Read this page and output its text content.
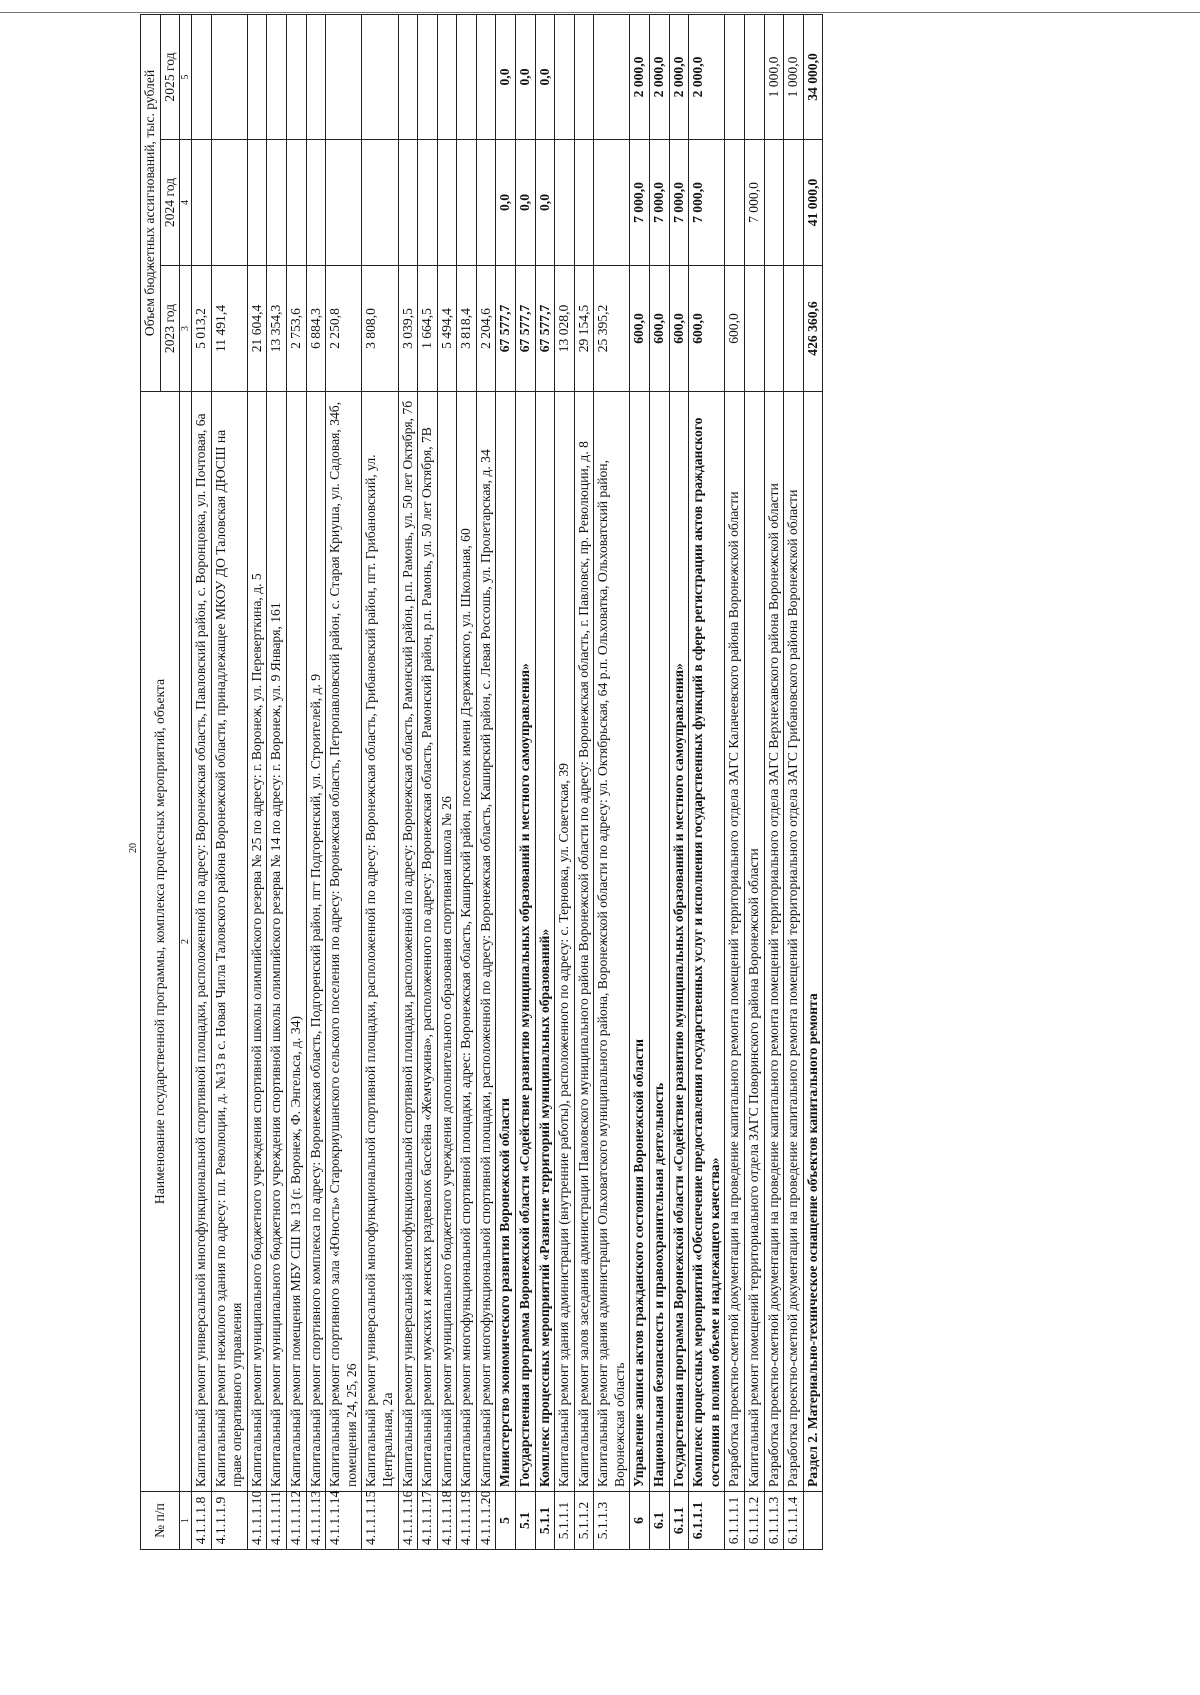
20
№ п/п	Наименование государственной программы, комплекса процессных мероприятий, объекта	Объем бюджетных ассигнований, тыс. рублей		
		2023 год	2024 год	2025 год
1	2	3	4	5
4.1.1.1.8	Капитальный ремонт универсальной многофункциональной спортивной площадки, расположенной по адресу: Воронежская область, Павловский район, с. Воронцовка, ул. Почтовая, 6а	5 013,2		
4.1.1.1.9	Капитальный ремонт нежилого здания по адресу: пл. Революции, д. №13 в с. Новая Чигла Таловского района Воронежской области, принадлежащее МКОУ ДО Таловская ДЮСШ на праве оперативного управления	11 491,4		
4.1.1.1.10	Капитальный ремонт муниципального бюджетного учреждения спортивной школы олимпийского резерва № 25 по адресу: г. Воронеж, ул. Переверткина, д. 5	21 604,4		
4.1.1.1.11	Капитальный ремонт муниципального бюджетного учреждения спортивной школы олимпийского резерва № 14 по адресу: г. Воронеж, ул. 9 Января, 161	13 354,3		
4.1.1.1.12	Капитальный ремонт помещения МБУ СШ № 13 (г. Воронеж, Ф. Энгельса, д. 34)	2 753,6		
4.1.1.1.13	Капитальный ремонт спортивного комплекса по адресу: Воронежская область, Подгоренский район, пгт Подгоренский, ул. Строителей, д. 9	6 884,3		
4.1.1.1.14	Капитальный ремонт спортивного зала «Юность» Старокриушанского сельского поселения по адресу: Воронежская область, Петропавловский район, с. Старая Криуша, ул. Садовая, 34б, помещения 24, 25, 26	2 250,8		
4.1.1.1.15	Капитальный ремонт универсальной многофункциональной спортивной площадки, расположенной по адресу: Воронежская область, Грибановский район, пгт. Грибановский, ул. Центральная, 2а	3 808,0		
4.1.1.1.16	Капитальный ремонт универсальной многофункциональной спортивной площадки, расположенной по адресу: Воронежская область, Рамонский район, р.п. Рамонь, ул. 50 лет Октября, 7б	3 039,5		
4.1.1.1.17	Капитальный ремонт мужских и женских раздевалок бассейна «Жемчужина», расположенного по адресу: Воронежская область, Рамонский район, р.п. Рамонь, ул. 50 лет Октября, 7В	1 664,5		
4.1.1.1.18	Капитальный ремонт муниципального бюджетного учреждения дополнительного образования спортивная школа № 26	5 494,4		
4.1.1.1.19	Капитальный ремонт многофункциональной спортивной площадки, адрес: Воронежская область, Каширский район, поселок имени Дзержинского, ул. Школьная, 60	3 818,4		
4.1.1.1.20	Капитальный ремонт многофункциональной спортивной площадки, расположенной по адресу: Воронежская область, Каширский район, с. Левая Россошь, ул. Пролетарская, д. 34	2 204,6		
5	Министерство экономического развития Воронежской области	67 577,7	0,0	0,0
5.1	Государственная программа Воронежской области «Содействие развитию муниципальных образований и местного самоуправления»	67 577,7	0,0	0,0
5.1.1	Комплекс процессных мероприятий «Развитие территорий муниципальных образований»	67 577,7	0,0	0,0
5.1.1.1	Капитальный ремонт здания администрации (внутренние работы), расположенного по адресу: с. Терновка, ул. Советская, 39	13 028,0		
5.1.1.2	Капитальный ремонт залов заседания администрации Павловского муниципального района Воронежской области по адресу: Воронежская область, г. Павловск, пр. Революции, д. 8	29 154,5		
5.1.1.3	Капитальный ремонт здания администрации Ольховатского муниципального района, Воронежской области по адресу: ул. Октябрьская, 64 р.п. Ольховатка, Ольховатский район, Воронежская область	25 395,2		
6	Управление записи актов гражданского состояния Воронежской области	600,0	7 000,0	2 000,0
6.1	Национальная безопасность и правоохранительная деятельность	600,0	7 000,0	2 000,0
6.1.1	Государственная программа Воронежской области «Содействие развитию муниципальных образований и местного самоуправления»	600,0	7 000,0	2 000,0
6.1.1.1	Комплекс процессных мероприятий «Обеспечение предоставления государственных услуг и исполнения государственных функций в сфере регистрации актов гражданского состояния в полном объеме и надлежащего качества»	600,0	7 000,0	2 000,0
6.1.1.1.1	Разработка проектно-сметной документации на проведение капитального ремонта помещений территориального отдела ЗАГС Калачеевского района Воронежской области	600,0		
6.1.1.1.2	Капитальный ремонт помещений территориального отдела ЗАГС Поворинского района Воронежской области		7 000,0	
6.1.1.1.3	Разработка проектно-сметной документации на проведение капитального ремонта помещений территориального отдела ЗАГС Верхнехавского района Воронежской области			1 000,0
6.1.1.1.4	Разработка проектно-сметной документации на проведение капитального ремонта помещений территориального отдела ЗАГС Грибановского района Воронежской области			1 000,0
	Раздел 2. Материально-техническое оснащение объектов капитального ремонта	426 360,6	41 000,0	34 000,0
